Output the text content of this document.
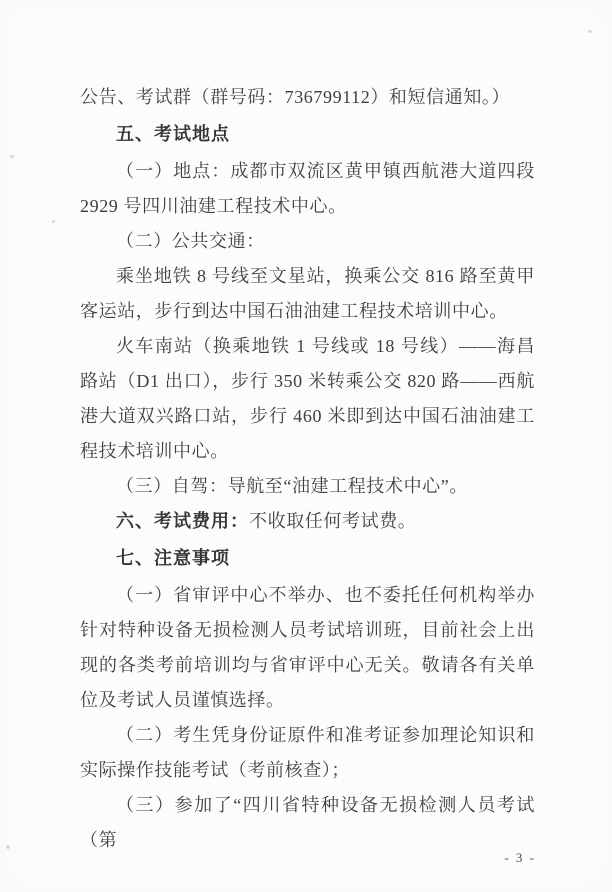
公告、考试群（群号码：736799112）和短信通知。）

五、考试地点

（一）地点：成都市双流区黄甲镇西航港大道四段 2929 号四川油建工程技术中心。

（二）公共交通：

乘坐地铁 8 号线至文星站，换乘公交 816 路至黄甲客运站，步行到达中国石油油建工程技术培训中心。

火车南站（换乘地铁 1 号线或 18 号线）——海昌路站（D1 出口），步行 350 米转乘公交 820 路——西航港大道双兴路口站，步行 460 米即到达中国石油油建工程技术培训中心。

（三）自驾：导航至“油建工程技术中心”。

六、考试费用：不收取任何考试费。

七、注意事项

（一）省审评中心不举办、也不委托任何机构举办针对特种设备无损检测人员考试培训班，目前社会上出现的各类考前培训均与省审评中心无关。敬请各有关单位及考试人员谨慎选择。

（二）考生凭身份证原件和准考证参加理论知识和实际操作技能考试（考前核查）；

（三）参加了“四川省特种设备无损检测人员考试（第

- 3 -
